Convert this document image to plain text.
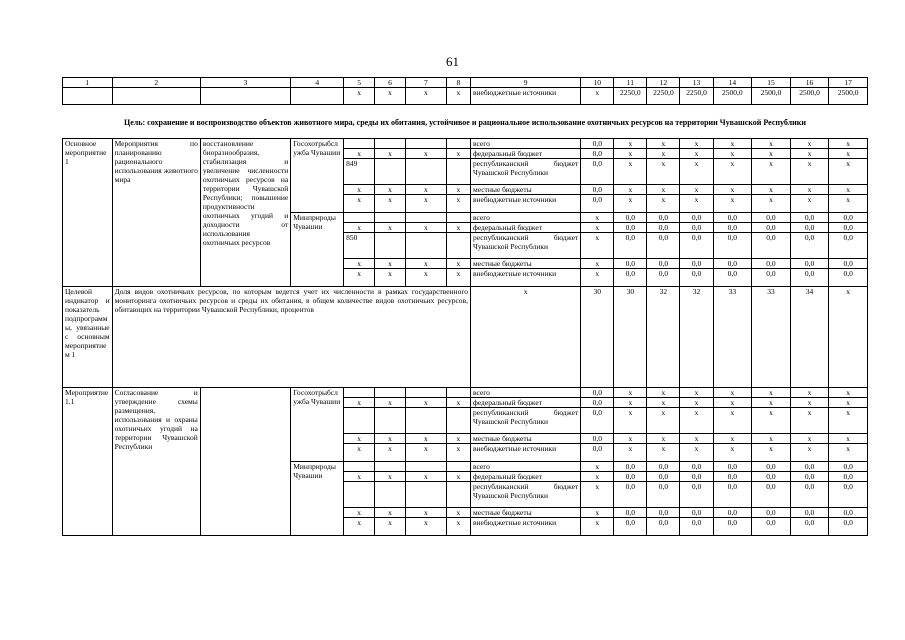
61
1	2	3	4	5	6	7	8	9	10	11	12	13	14	15	16	17
				x	x	x	x	внебюджетные источники	x	2250,0	2250,0	2250,0	2500,0	2500,0	2500,0	2500,0
Цель: сохранение и воспроизводство объектов животного мира, среды их обитания, устойчивое и рациональное использование охотничьих ресурсов на территории Чувашской Республики
Основное мероприятие 1	Мероприятия по планированию рационального использования животного мира	восстановление биоразнообразия, стабилизация и увеличение численности охотничьих ресурсов на территории Чувашской Республики; повышение продуктивности охотничьих угодий и доходности от использования охотничьих ресурсов	Госохотрыбслужба Чувашии					всего	0,0	x	x	x	x	x	x	x
				x	x	x	x	федеральный бюджет	0,0	x	x	x	x	x	x	x
				849				республиканский бюджет Чувашской Республики	0,0	x	x	x	x	x	x	x
				x	x	x	x	местные бюджеты	0,0	x	x	x	x	x	x	x
				x	x	x	x	внебюджетные источники	0,0	x	x	x	x	x	x	x
			Минприроды Чувашии					всего	x	0,0	0,0	0,0	0,0	0,0	0,0	0,0
				x	x	x	x	федеральный бюджет	x	0,0	0,0	0,0	0,0	0,0	0,0	0,0
				850				республиканский бюджет Чувашской Республики	x	0,0	0,0	0,0	0,0	0,0	0,0	0,0
				x	x	x	x	местные бюджеты	x	0,0	0,0	0,0	0,0	0,0	0,0	0,0
				x	x	x	x	внебюджетные источники	x	0,0	0,0	0,0	0,0	0,0	0,0	0,0
Целевой индикатор и показатель подпрограммы, увязанные с основным мероприятием 1	Доля видов охотничьих ресурсов, по которым ведется учет их численности в рамках государственного мониторинга охотничьих ресурсов и среды их обитания, в общем количестве видов охотничьих ресурсов, обитающих на территории Чувашской Республики, процентов							x	30	30	32	32	33	33	34	x
Мероприятие 1.1	Согласование и утверждение схемы размещения, использования и охраны охотничьих угодий на территории Чувашской Республики		Госохотрыбслужба Чувашии					всего	0,0	x	x	x	x	x	x	x
				x	x	x	x	федеральный бюджет	0,0	x	x	x	x	x	x	x
								республиканский бюджет Чувашской Республики	0,0	x	x	x	x	x	x	x
				x	x	x	x	местные бюджеты	0,0	x	x	x	x	x	x	x
				x	x	x	x	внебюджетные источники	0,0	x	x	x	x	x	x	x
			Минприроды Чувашии					всего	x	0,0	0,0	0,0	0,0	0,0	0,0	0,0
				x	x	x	x	федеральный бюджет	x	0,0	0,0	0,0	0,0	0,0	0,0	0,0
								республиканский бюджет Чувашской Республики	x	0,0	0,0	0,0	0,0	0,0	0,0	0,0
				x	x	x	x	местные бюджеты	x	0,0	0,0	0,0	0,0	0,0	0,0	0,0
				x	x	x	x	внебюджетные источники	x	0,0	0,0	0,0	0,0	0,0	0,0	0,0
